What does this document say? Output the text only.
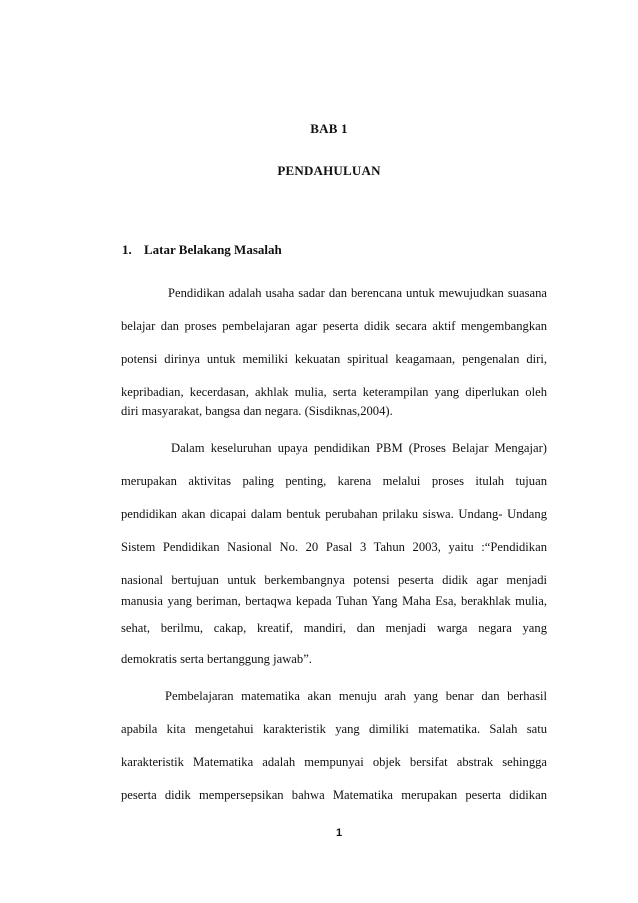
BAB 1

PENDAHULUAN

1. Latar Belakang Masalah

Pendidikan adalah usaha sadar dan berencana untuk mewujudkan suasana

belajar dan proses pembelajaran agar peserta didik secara aktif mengembangkan

potensi dirinya untuk memiliki kekuatan spiritual keagamaan, pengenalan diri,

kepribadian, kecerdasan, akhlak mulia, serta keterampilan yang diperlukan oleh

diri masyarakat, bangsa dan negara. (Sisdiknas,2004).

Dalam keseluruhan upaya pendidikan PBM (Proses Belajar Mengajar)

merupakan aktivitas paling penting, karena melalui proses itulah tujuan

pendidikan akan dicapai dalam bentuk perubahan prilaku siswa. Undang- Undang

Sistem Pendidikan Nasional No. 20 Pasal 3 Tahun 2003, yaitu :“Pendidikan

nasional bertujuan untuk berkembangnya potensi peserta didik agar menjadi

manusia yang beriman, bertaqwa kepada Tuhan Yang Maha Esa, berakhlak mulia,

sehat, berilmu, cakap, kreatif, mandiri, dan menjadi warga negara yang

demokratis serta bertanggung jawab”.

Pembelajaran matematika akan menuju arah yang benar dan berhasil

apabila kita mengetahui karakteristik yang dimiliki matematika. Salah satu

karakteristik Matematika adalah mempunyai objek bersifat abstrak sehingga

peserta didik mempersepsikan bahwa Matematika merupakan peserta didikan

1
